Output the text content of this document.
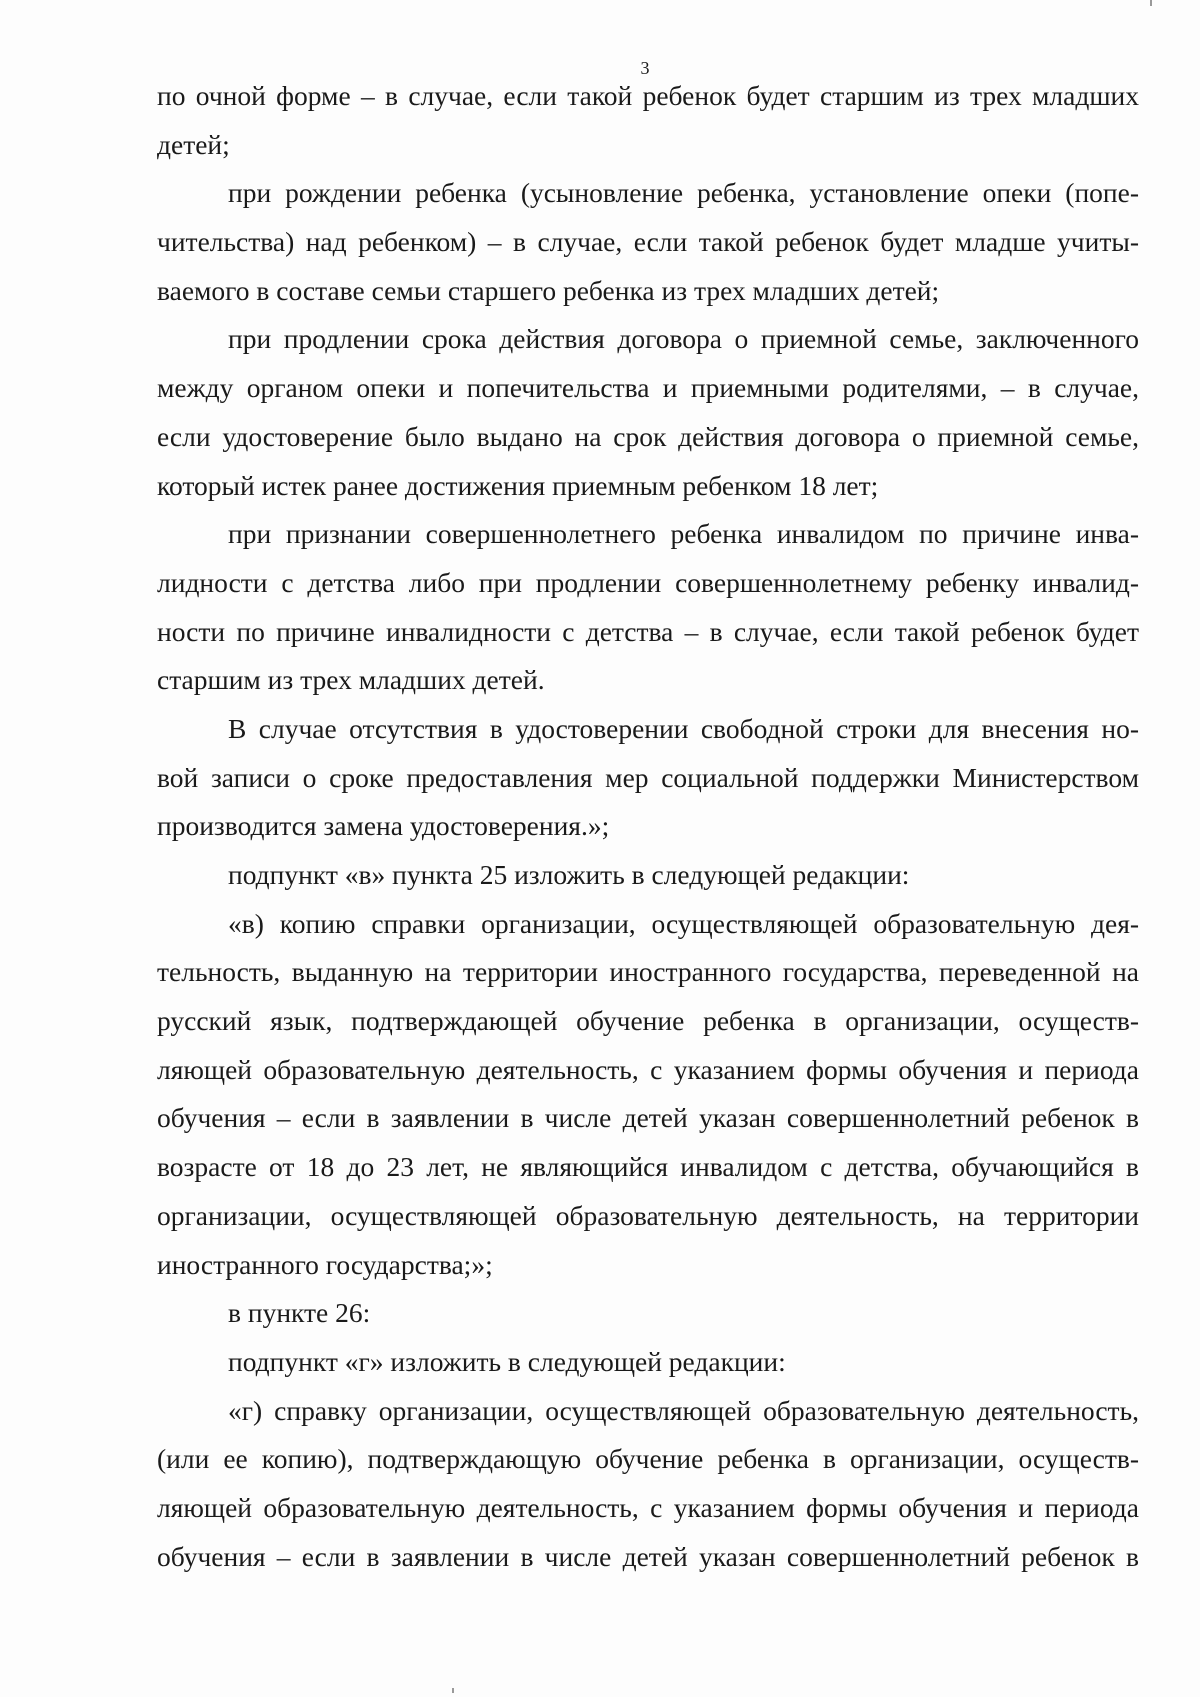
3
по очной форме – в случае, если такой ребенок будет старшим из трех младших
детей;
при рождении ребенка (усыновление ребенка, установление опеки (попе-
чительства) над ребенком) – в случае, если такой ребенок будет младше учиты-
ваемого в составе семьи старшего ребенка из трех младших детей;
при продлении срока действия договора о приемной семье, заключенного
между органом опеки и попечительства и приемными родителями, – в случае,
если удостоверение было выдано на срок действия договора о приемной семье,
который истек ранее достижения приемным ребенком 18 лет;
при признании совершеннолетнего ребенка инвалидом по причине инва-
лидности с детства либо при продлении совершеннолетнему ребенку инвалид-
ности по причине инвалидности с детства – в случае, если такой ребенок будет
старшим из трех младших детей.
В случае отсутствия в удостоверении свободной строки для внесения но-
вой записи о сроке предоставления мер социальной поддержки Министерством
производится замена удостоверения.»;
подпункт «в» пункта 25 изложить в следующей редакции:
«в) копию справки организации, осуществляющей образовательную дея-
тельность, выданную на территории иностранного государства, переведенной на
русский язык, подтверждающей обучение ребенка в организации, осуществ-
ляющей образовательную деятельность, с указанием формы обучения и периода
обучения – если в заявлении в числе детей указан совершеннолетний ребенок в
возрасте от 18 до 23 лет, не являющийся инвалидом с детства, обучающийся в
организации, осуществляющей образовательную деятельность, на территории
иностранного государства;»;
в пункте 26:
подпункт «г» изложить в следующей редакции:
«г) справку организации, осуществляющей образовательную деятельность,
(или ее копию), подтверждающую обучение ребенка в организации, осуществ-
ляющей образовательную деятельность, с указанием формы обучения и периода
обучения – если в заявлении в числе детей указан совершеннолетний ребенок в
